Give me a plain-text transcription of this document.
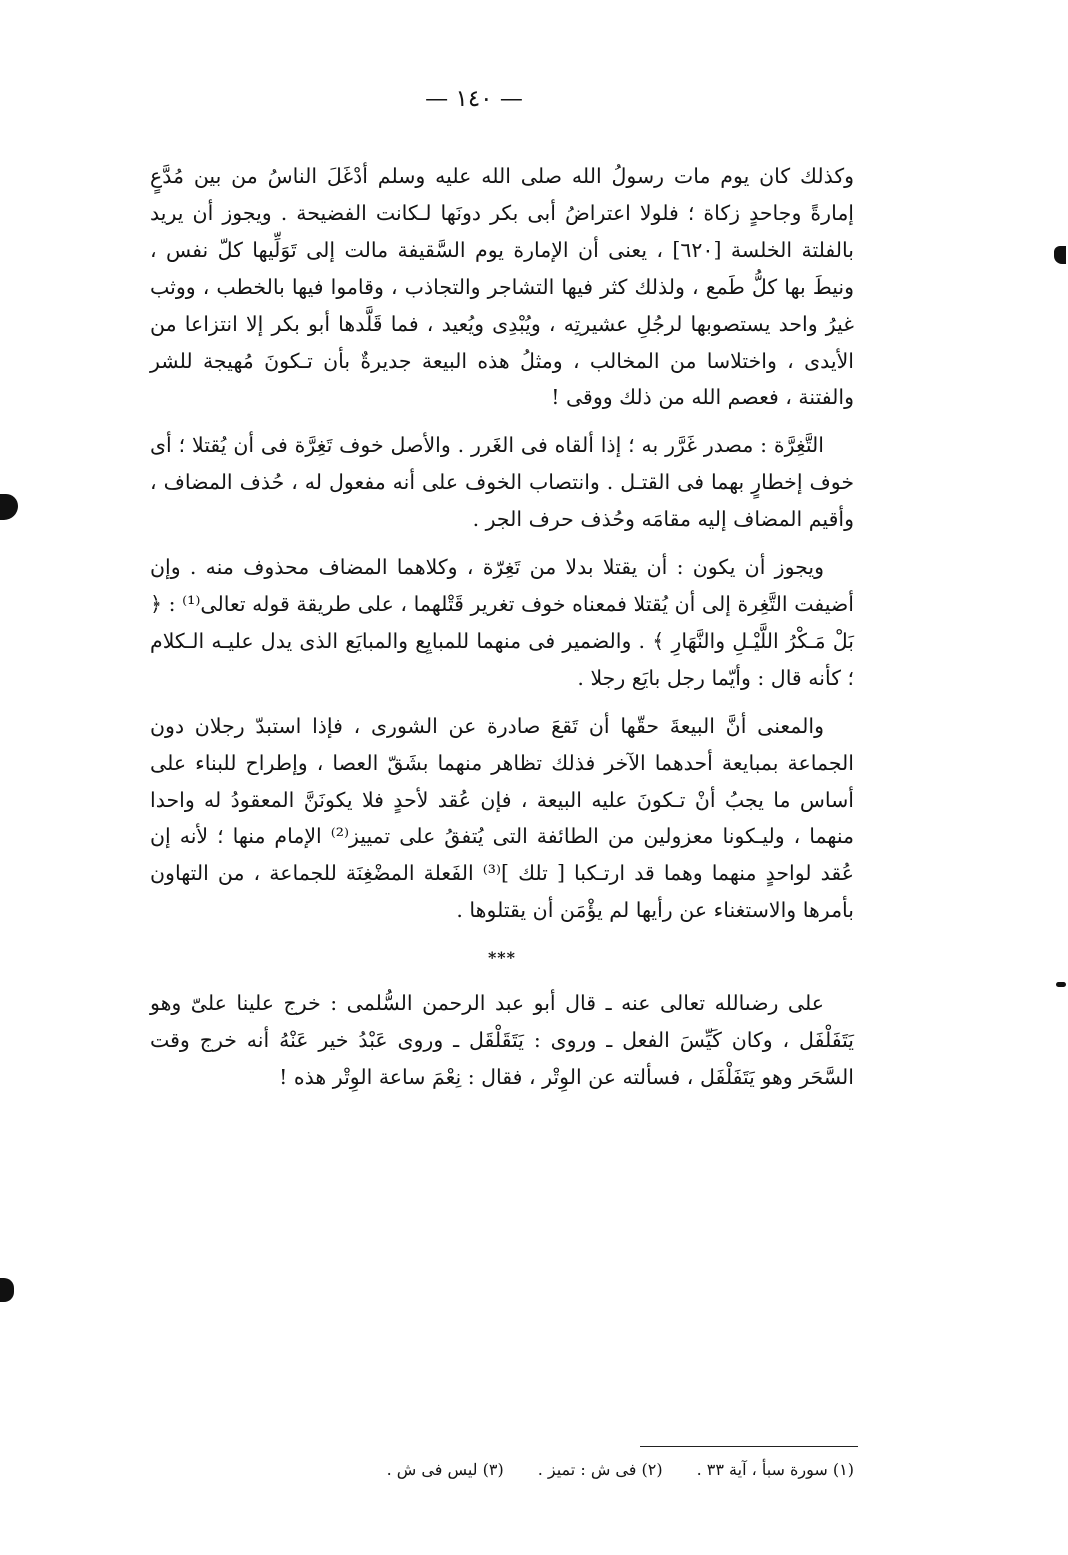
— ١٤٠ —

وكذلك كان يوم مات رسولُ الله صلى الله عليه وسلم أدْغَلَ الناسُ من بين مُدَّعٍ إمارةً وجاحدٍ زكاة ؛ فلولا اعتراضُ أبى بكر دونَها لـكانت الفضيحة . ويجوز أن يريد بالفلتة الخلسة [٦٢٠] ، يعنى أن الإمارة يوم السَّقيفة مالت إلى تَوَلِّيها كلّ نفس ، ونيطَ بها كلُّ طَمع ، ولذلك كثر فيها التشاجر والتجاذب ، وقاموا فيها بالخطب ، ووثب غيرُ واحد يستصوبها لرجُلِ عشيرتِه ، ويُبْدِى ويُعيد ، فما قَلَّدها أبو بكر إلا انتزاعا من الأيدى ، واختلاسا من المخالب ، ومثلُ هذه البيعة جديرةٌ بأن تـكونَ مُهيجة للشر والفتنة ، فعصم الله من ذلك ووقى !

التَّغِرَّة : مصدر غَرَّر به ؛ إذا ألقاه فى الغَرر . والأصل خوف تَغِرَّة فى أن يُقتلا ؛ أى خوف إخطارٍ بهما فى القتـل . وانتصاب الخوف على أنه مفعول له ، حُذف المضاف ، وأقيم المضاف إليه مقامَه وحُذف حرف الجر .

ويجوز أن يكون : أن يقتلا بدلا من تَغِرّة ، وكلاهما المضاف محذوف منه . وإن أضيفت التَّغِرة إلى أن يُقتلا فمعناه خوف تغرير قَتْلهما ، على طريقة قوله تعالى⁽¹⁾ : ﴿ بَلْ مَـكْرُ اللَّيْـلِ والنَّهَارِ ﴾ . والضمير فى منهما للمبايِع والمبايَع الذى يدل عليـه الـكلام ؛ كأنه قال : وأيّما رجل بايَع رجلا .

والمعنى أنَّ البيعةَ حقّها أن تَقعَ صادرة عن الشورى ، فإذا استبدّ رجلان دون الجماعة بمبايعة أحدهما الآخر فذلك تظاهر منهما بشَقّ العصا ، وإطراح للبناء على أساس ما يجبُ أنْ تـكونَ عليه البيعة ، فإن عُقد لأحدٍ فلا يكونَنَّ المعقودُ له واحدا منهما ، وليـكونا معزولين من الطائفة التى يُتفقُ على تمييز⁽²⁾ الإمام منها ؛ لأنه إن عُقد لواحدٍ منهما وهما قد ارتـكبا [ تلك ]⁽³⁾ الفَعلة المضْغِنَة للجماعة ، من التهاون بأمرها والاستغناء عن رأيها لم يؤْمَن أن يقتلوها .

***

على رضىالله تعالى عنه ـ قال أبو عبد الرحمن السُّلمى : خرج علينا علىّ وهو يَتَفَلْفَل ، وكان كَيِّسَ الفعل ـ وروى : يَتَقَلْقَل ـ وروى عَبْدُ خير عَنْهُ أنه خرج وقت السَّحَر وهو يَتَفَلْفَل ، فسألته عن الوِتْر ، فقال : نِعْمَ ساعة الوِتْر هذه !

(١) سورة سبأ ، آية ٣٣ .(٢) فى ش : تميز .(٣) ليس فى ش .
